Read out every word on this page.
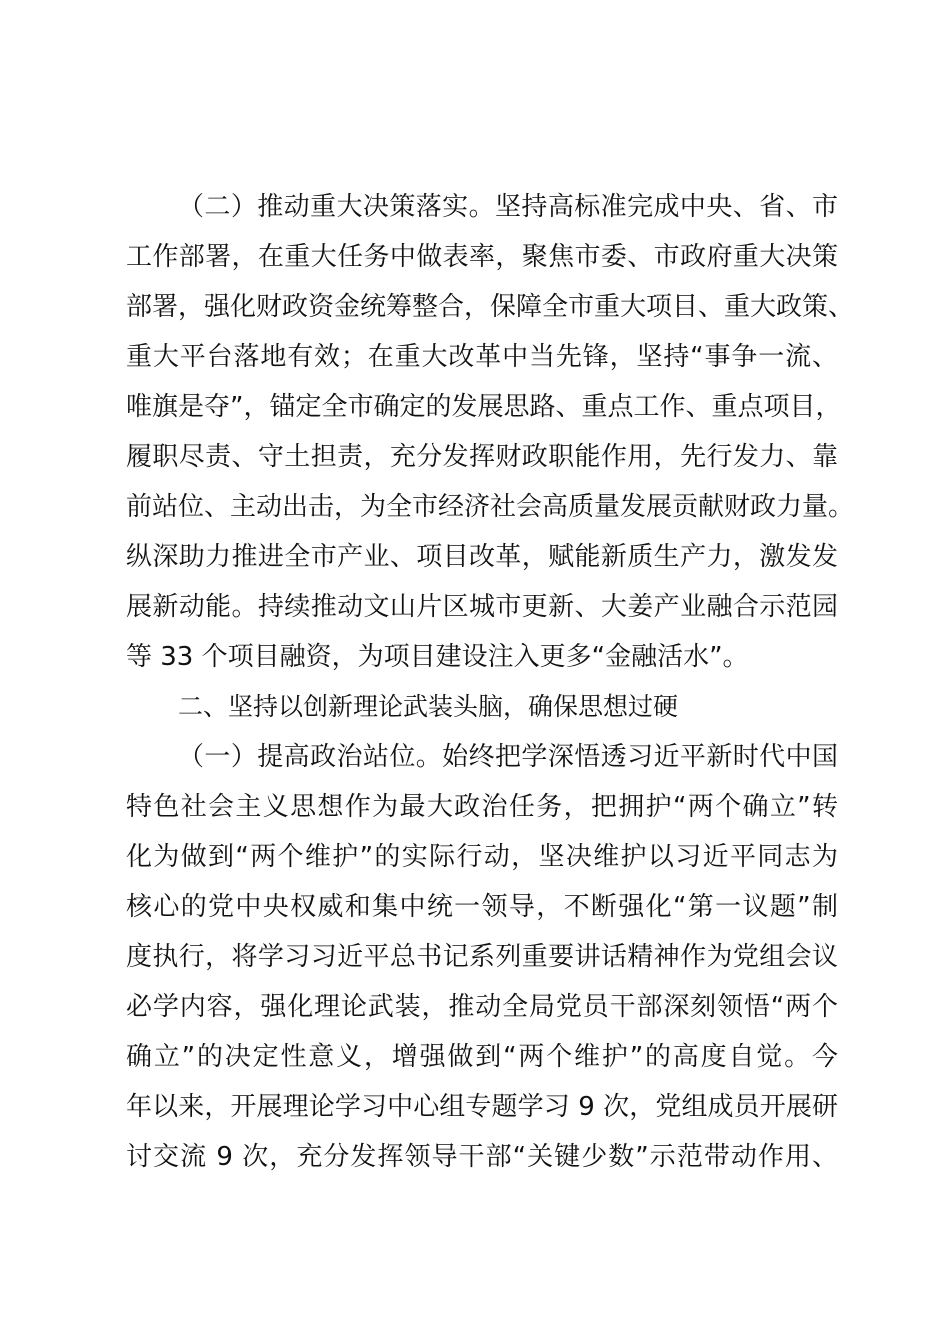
（二）推动重大决策落实。坚持高标准完成中央、省、市
工作部署，在重大任务中做表率，聚焦市委、市政府重大决策
部署，强化财政资金统筹整合，保障全市重大项目、重大政策、
重大平台落地有效；在重大改革中当先锋，坚持“事争一流、
唯旗是夺”，锚定全市确定的发展思路、重点工作、重点项目，
履职尽责、守土担责，充分发挥财政职能作用，先行发力、靠
前站位、主动出击，为全市经济社会高质量发展贡献财政力量。
纵深助力推进全市产业、项目改革，赋能新质生产力，激发发
展新动能。持续推动文山片区城市更新、大姜产业融合示范园
等 33 个项目融资，为项目建设注入更多“金融活水”。
二、坚持以创新理论武装头脑，确保思想过硬
（一）提高政治站位。始终把学深悟透习近平新时代中国
特色社会主义思想作为最大政治任务，把拥护“两个确立”转
化为做到“两个维护”的实际行动，坚决维护以习近平同志为
核心的党中央权威和集中统一领导，不断强化“第一议题”制
度执行，将学习习近平总书记系列重要讲话精神作为党组会议
必学内容，强化理论武装，推动全局党员干部深刻领悟“两个
确立”的决定性意义，增强做到“两个维护”的高度自觉。今
年以来，开展理论学习中心组专题学习 9 次，党组成员开展研
讨交流 9 次，充分发挥领导干部“关键少数”示范带动作用、
